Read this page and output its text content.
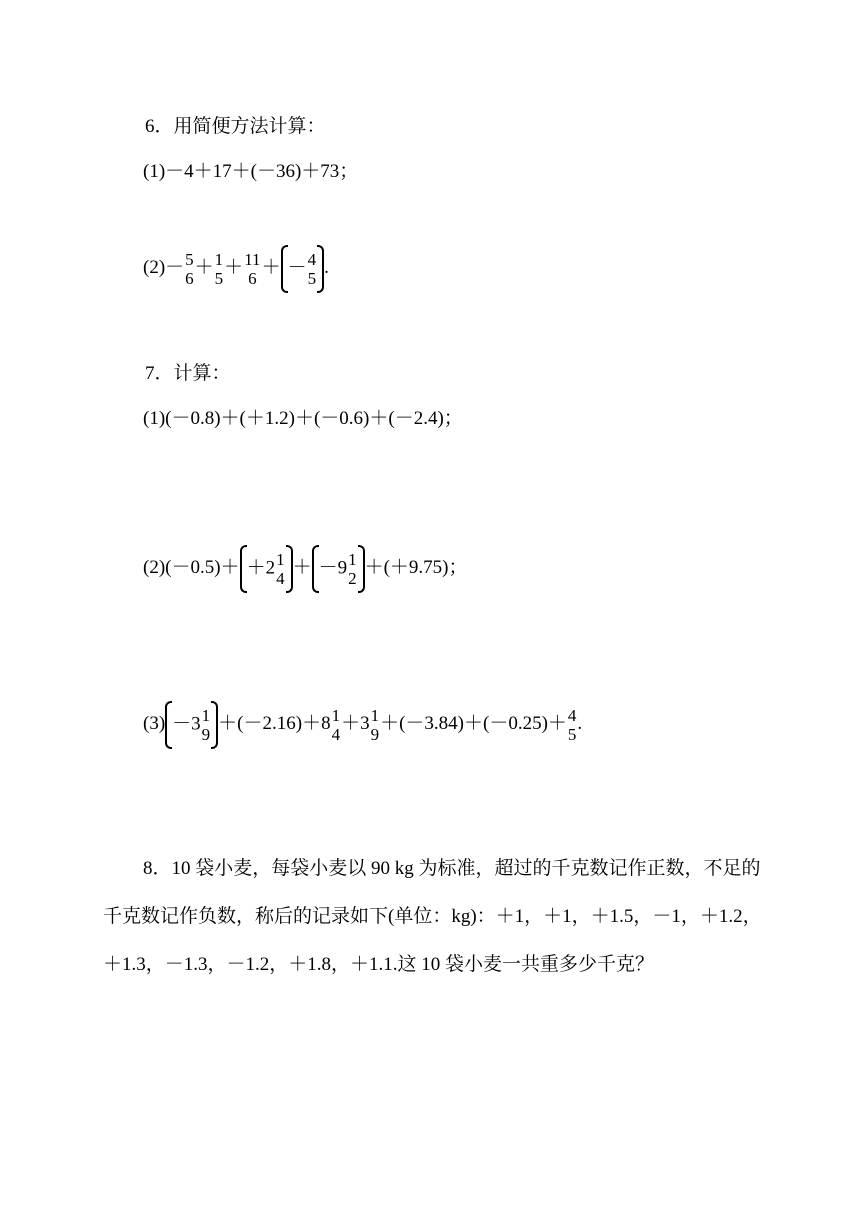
6．用简便方法计算：
(1)－4＋17＋(－36)＋73；
(2)－ 5
6
＋ 1
5
＋ 11
6
＋ － 4
5
.
7．计算：
(1)(－0.8)＋(＋1.2)＋(－0.6)＋(－2.4)；
(2)(－0.5)＋ ＋2 1
4
＋ －9 1
2
＋(＋9.75)；
(3) －3 1
9
＋(－2.16)＋8 1
4
＋3 1
9
＋(－3.84)＋(－0.25)＋ 4
5
.
8．10 袋小麦，每袋小麦以 90 kg 为标准，超过的千克数记作正数，不足的千克数记作负数，称后的记录如下(单位：kg)：＋1，＋1，＋1.5，－1，＋1.2，＋1.3，－1.3，－1.2，＋1.8，＋1.1.这 10 袋小麦一共重多少千克？
